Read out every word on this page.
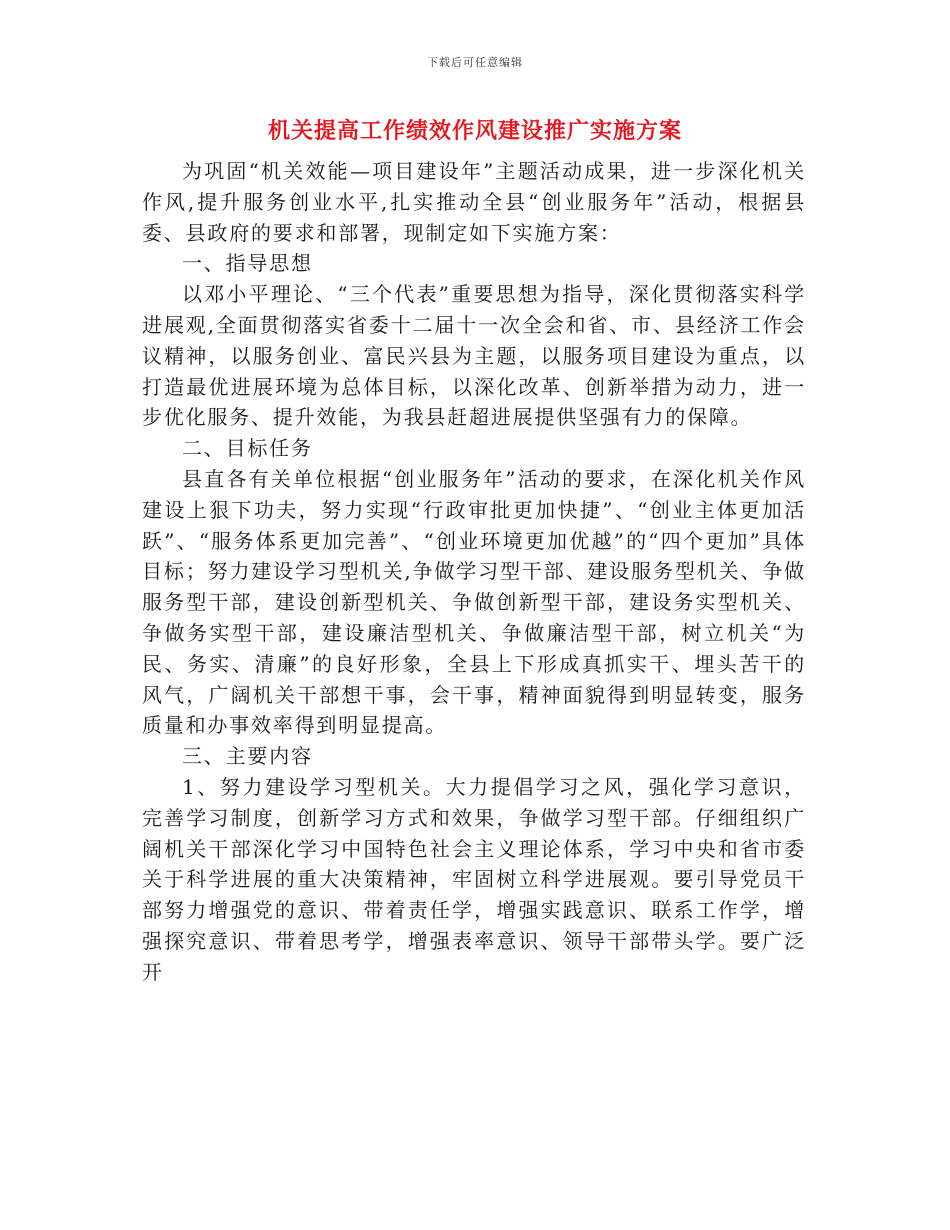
下载后可任意编辑
机关提高工作绩效作风建设推广实施方案

为巩固“机关效能—项目建设年”主题活动成果，进一步深化机关作风,提升服务创业水平,扎实推动全县“创业服务年”活动，根据县委、县政府的要求和部署，现制定如下实施方案：

一、指导思想

以邓小平理论、“三个代表”重要思想为指导，深化贯彻落实科学进展观,全面贯彻落实省委十二届十一次全会和省、市、县经济工作会议精神，以服务创业、富民兴县为主题，以服务项目建设为重点，以打造最优进展环境为总体目标，以深化改革、创新举措为动力，进一步优化服务、提升效能，为我县赶超进展提供坚强有力的保障。

二、目标任务

县直各有关单位根据“创业服务年”活动的要求，在深化机关作风建设上狠下功夫，努力实现“行政审批更加快捷”、“创业主体更加活跃”、“服务体系更加完善”、“创业环境更加优越”的“四个更加”具体目标；努力建设学习型机关,争做学习型干部、建设服务型机关、争做服务型干部，建设创新型机关、争做创新型干部，建设务实型机关、争做务实型干部，建设廉洁型机关、争做廉洁型干部，树立机关“为民、务实、清廉”的良好形象，全县上下形成真抓实干、埋头苦干的风气，广阔机关干部想干事，会干事，精神面貌得到明显转变，服务质量和办事效率得到明显提高。

三、主要内容

1、努力建设学习型机关。大力提倡学习之风，强化学习意识，完善学习制度，创新学习方式和效果，争做学习型干部。仔细组织广阔机关干部深化学习中国特色社会主义理论体系，学习中央和省市委关于科学进展的重大决策精神，牢固树立科学进展观。要引导党员干部努力增强党的意识、带着责任学，增强实践意识、联系工作学，增强探究意识、带着思考学，增强表率意识、领导干部带头学。要广泛开
